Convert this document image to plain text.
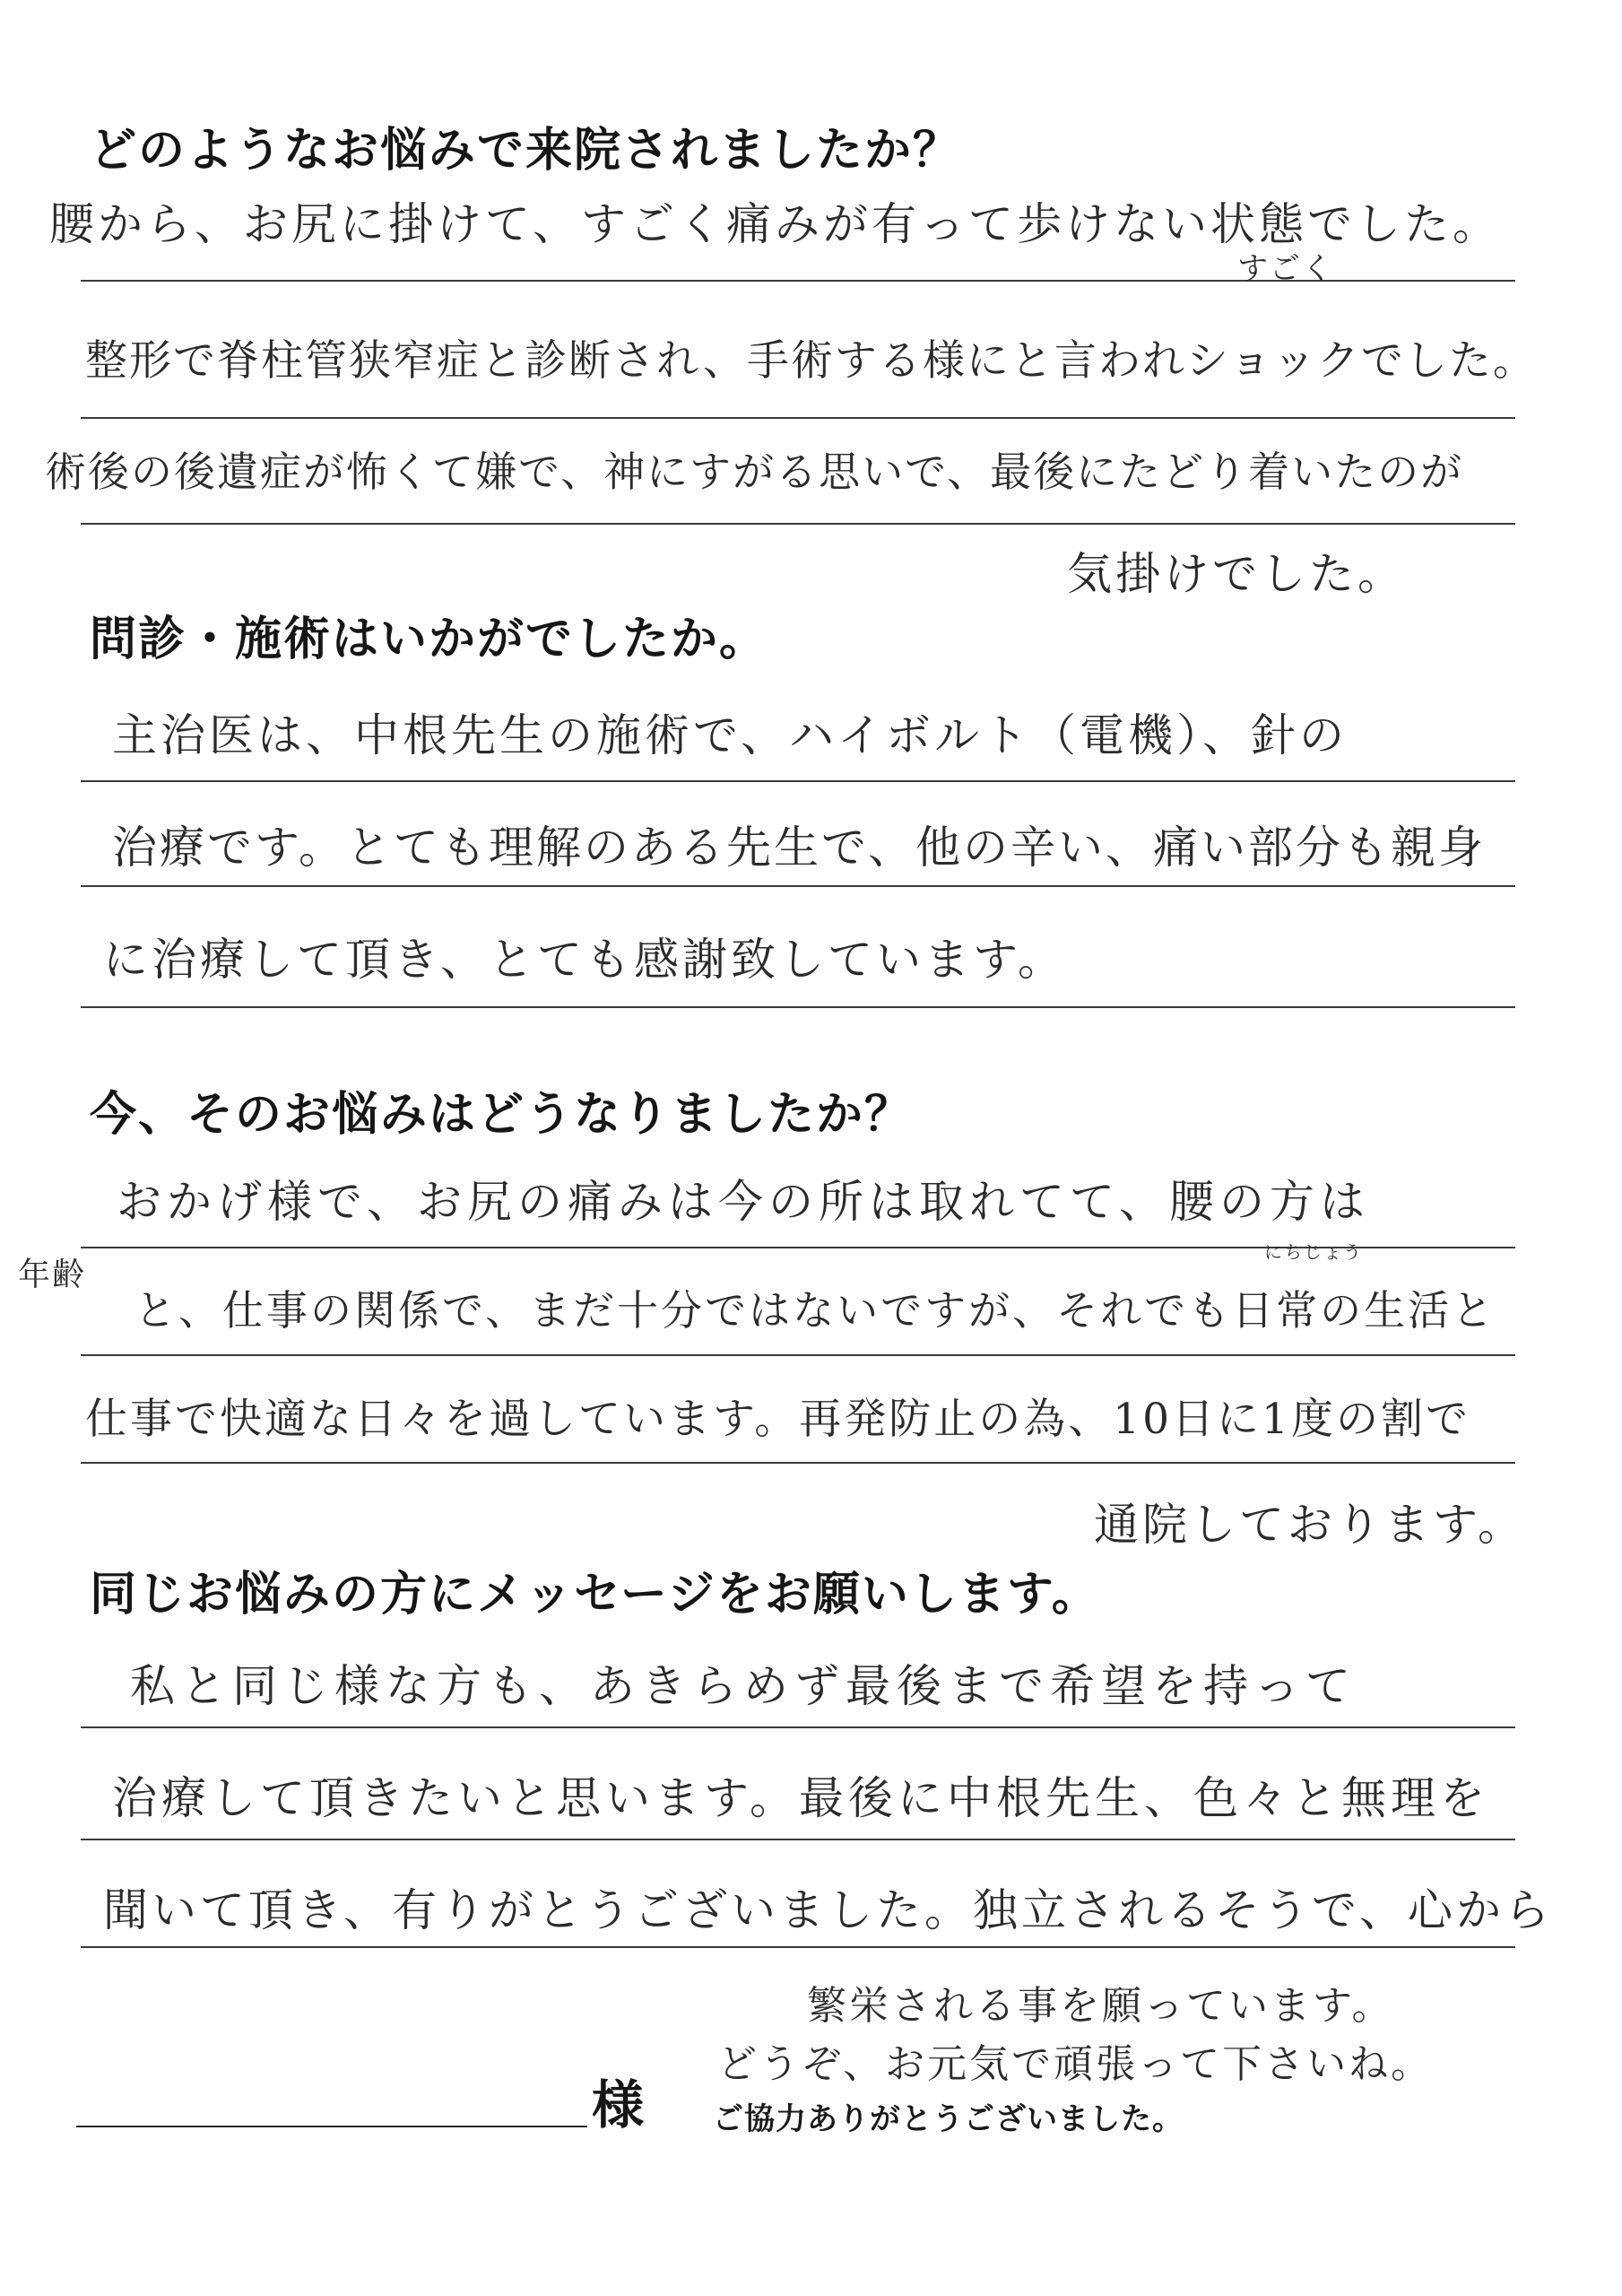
どのようなお悩みで来院されましたか？
腰から、お尻に掛けて、すごく痛みが有って歩けない状態でした。
すごく
整形で脊柱管狭窄症と診断され、手術する様にと言われショックでした。
術後の後遺症が怖くて嫌で、神にすがる思いで、最後にたどり着いたのが
気掛けでした。
問診・施術はいかがでしたか。
主治医は、中根先生の施術で、ハイボルト（電機）、針の
治療です。とても理解のある先生で、他の辛い、痛い部分も親身
に治療して頂き、とても感謝致しています。
今、そのお悩みはどうなりましたか？
おかげ様で、お尻の痛みは今の所は取れてて、腰の方は
年齢
にちじょう
と、仕事の関係で、まだ十分ではないですが、それでも日常の生活と
仕事で快適な日々を過しています。再発防止の為、10日に1度の割で
通院しております。
同じお悩みの方にメッセージをお願いします。
私と同じ様な方も、あきらめず最後まで希望を持って
治療して頂きたいと思います。最後に中根先生、色々と無理を
聞いて頂き、有りがとうございました。独立されるそうで、心から
繁栄される事を願っています。
どうぞ、お元気で頑張って下さいね。
様 ご協力ありがとうございました。
